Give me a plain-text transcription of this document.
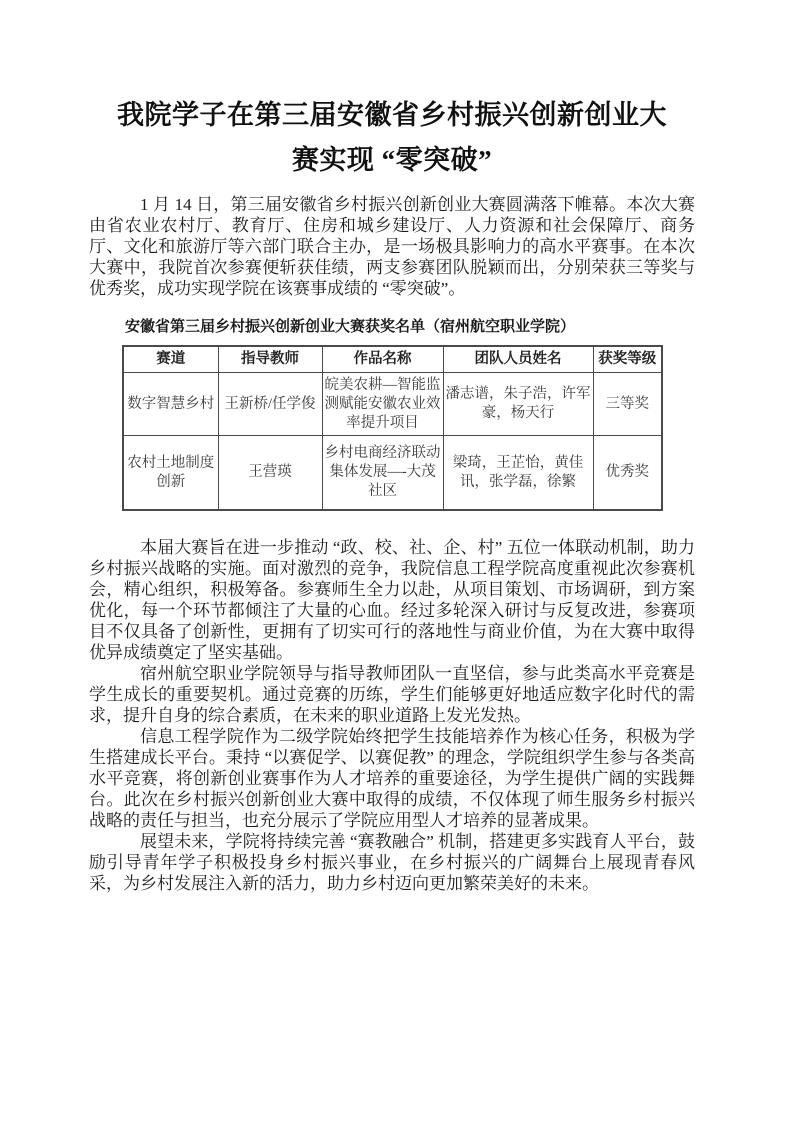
我院学子在第三届安徽省乡村振兴创新创业大
赛实现 “零突破”

1 月 14 日，第三届安徽省乡村振兴创新创业大赛圆满落下帷幕。本次大赛由省农业农村厅、教育厅、住房和城乡建设厅、人力资源和社会保障厅、商务厅、文化和旅游厅等六部门联合主办，是一场极具影响力的高水平赛事。在本次大赛中，我院首次参赛便斩获佳绩，两支参赛团队脱颖而出，分别荣获三等奖与优秀奖，成功实现学院在该赛事成绩的 “零突破”。

安徽省第三届乡村振兴创新创业大赛获奖名单（宿州航空职业学院）
赛道	指导教师	作品名称	团队人员姓名	获奖等级
数字智慧乡村	王新桥/任学俊	皖美农耕—智能监测赋能安徽农业效率提升项目	潘志谱，朱子浩，许军豪，杨天行	三等奖
农村土地制度创新	王营瑛	乡村电商经济联动集体发展—-大茂社区	梁琦，王芷怡，黄佳讯，张学磊，徐繁	优秀奖

本届大赛旨在进一步推动 “政、校、社、企、村” 五位一体联动机制，助力乡村振兴战略的实施。面对激烈的竞争，我院信息工程学院高度重视此次参赛机会，精心组织，积极筹备。参赛师生全力以赴，从项目策划、市场调研，到方案优化，每一个环节都倾注了大量的心血。经过多轮深入研讨与反复改进，参赛项目不仅具备了创新性，更拥有了切实可行的落地性与商业价值，为在大赛中取得优异成绩奠定了坚实基础。

宿州航空职业学院领导与指导教师团队一直坚信，参与此类高水平竞赛是学生成长的重要契机。通过竞赛的历练，学生们能够更好地适应数字化时代的需求，提升自身的综合素质，在未来的职业道路上发光发热。

信息工程学院作为二级学院始终把学生技能培养作为核心任务，积极为学生搭建成长平台。秉持 “以赛促学、以赛促教” 的理念，学院组织学生参与各类高水平竞赛，将创新创业赛事作为人才培养的重要途径，为学生提供广阔的实践舞台。此次在乡村振兴创新创业大赛中取得的成绩，不仅体现了师生服务乡村振兴战略的责任与担当，也充分展示了学院应用型人才培养的显著成果。

展望未来，学院将持续完善 “赛教融合” 机制，搭建更多实践育人平台，鼓励引导青年学子积极投身乡村振兴事业，在乡村振兴的广阔舞台上展现青春风采，为乡村发展注入新的活力，助力乡村迈向更加繁荣美好的未来。
